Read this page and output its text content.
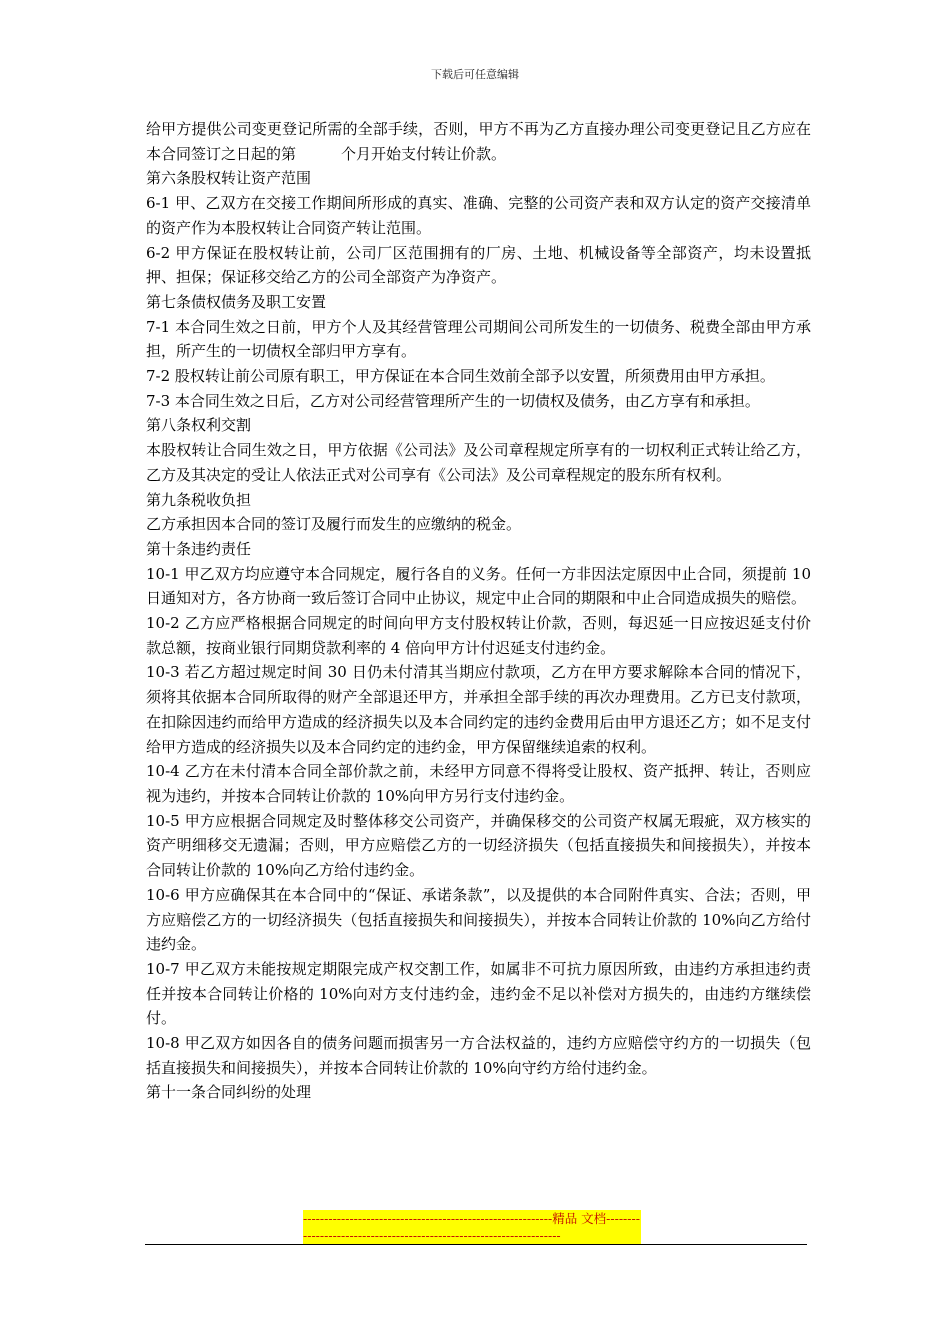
下载后可任意编辑

给甲方提供公司变更登记所需的全部手续，否则，甲方不再为乙方直接办理公司变更登记且乙方应在本合同签订之日起的第　　　个月开始支付转让价款。

第六条股权转让资产范围

6-1 甲、乙双方在交接工作期间所形成的真实、准确、完整的公司资产表和双方认定的资产交接清单的资产作为本股权转让合同资产转让范围。

6-2 甲方保证在股权转让前，公司厂区范围拥有的厂房、土地、机械设备等全部资产，均未设置抵押、担保；保证移交给乙方的公司全部资产为净资产。

第七条债权债务及职工安置

7-1 本合同生效之日前，甲方个人及其经营管理公司期间公司所发生的一切债务、税费全部由甲方承担，所产生的一切债权全部归甲方享有。

7-2 股权转让前公司原有职工，甲方保证在本合同生效前全部予以安置，所须费用由甲方承担。

7-3 本合同生效之日后，乙方对公司经营管理所产生的一切债权及债务，由乙方享有和承担。

第八条权利交割

本股权转让合同生效之日，甲方依据《公司法》及公司章程规定所享有的一切权利正式转让给乙方，乙方及其决定的受让人依法正式对公司享有《公司法》及公司章程规定的股东所有权利。

第九条税收负担

乙方承担因本合同的签订及履行而发生的应缴纳的税金。

第十条违约责任

10-1 甲乙双方均应遵守本合同规定，履行各自的义务。任何一方非因法定原因中止合同，须提前 10 日通知对方，各方协商一致后签订合同中止协议，规定中止合同的期限和中止合同造成损失的赔偿。

10-2 乙方应严格根据合同规定的时间向甲方支付股权转让价款，否则，每迟延一日应按迟延支付价款总额，按商业银行同期贷款利率的 4 倍向甲方计付迟延支付违约金。

10-3 若乙方超过规定时间 30 日仍未付清其当期应付款项，乙方在甲方要求解除本合同的情况下，须将其依据本合同所取得的财产全部退还甲方，并承担全部手续的再次办理费用。乙方已支付款项，在扣除因违约而给甲方造成的经济损失以及本合同约定的违约金费用后由甲方退还乙方；如不足支付给甲方造成的经济损失以及本合同约定的违约金，甲方保留继续追索的权利。

10-4 乙方在未付清本合同全部价款之前，未经甲方同意不得将受让股权、资产抵押、转让，否则应视为违约，并按本合同转让价款的 10%向甲方另行支付违约金。

10-5 甲方应根据合同规定及时整体移交公司资产，并确保移交的公司资产权属无瑕疵，双方核实的资产明细移交无遗漏；否则，甲方应赔偿乙方的一切经济损失（包括直接损失和间接损失），并按本合同转让价款的 10%向乙方给付违约金。

10-6 甲方应确保其在本合同中的“保证、承诺条款”，以及提供的本合同附件真实、合法；否则，甲方应赔偿乙方的一切经济损失（包括直接损失和间接损失），并按本合同转让价款的 10%向乙方给付违约金。

10-7 甲乙双方未能按规定期限完成产权交割工作，如属非不可抗力原因所致，由违约方承担违约责任并按本合同转让价格的 10%向对方支付违约金，违约金不足以补偿对方损失的，由违约方继续偿付。

10-8 甲乙双方如因各自的债务问题而损害另一方合法权益的，违约方应赔偿守约方的一切损失（包括直接损失和间接损失），并按本合同转让价款的 10%向守约方给付违约金。

第十一条合同纠纷的处理

-----------------------------------------------------------精品 文档---------------------------------------------------------------------
